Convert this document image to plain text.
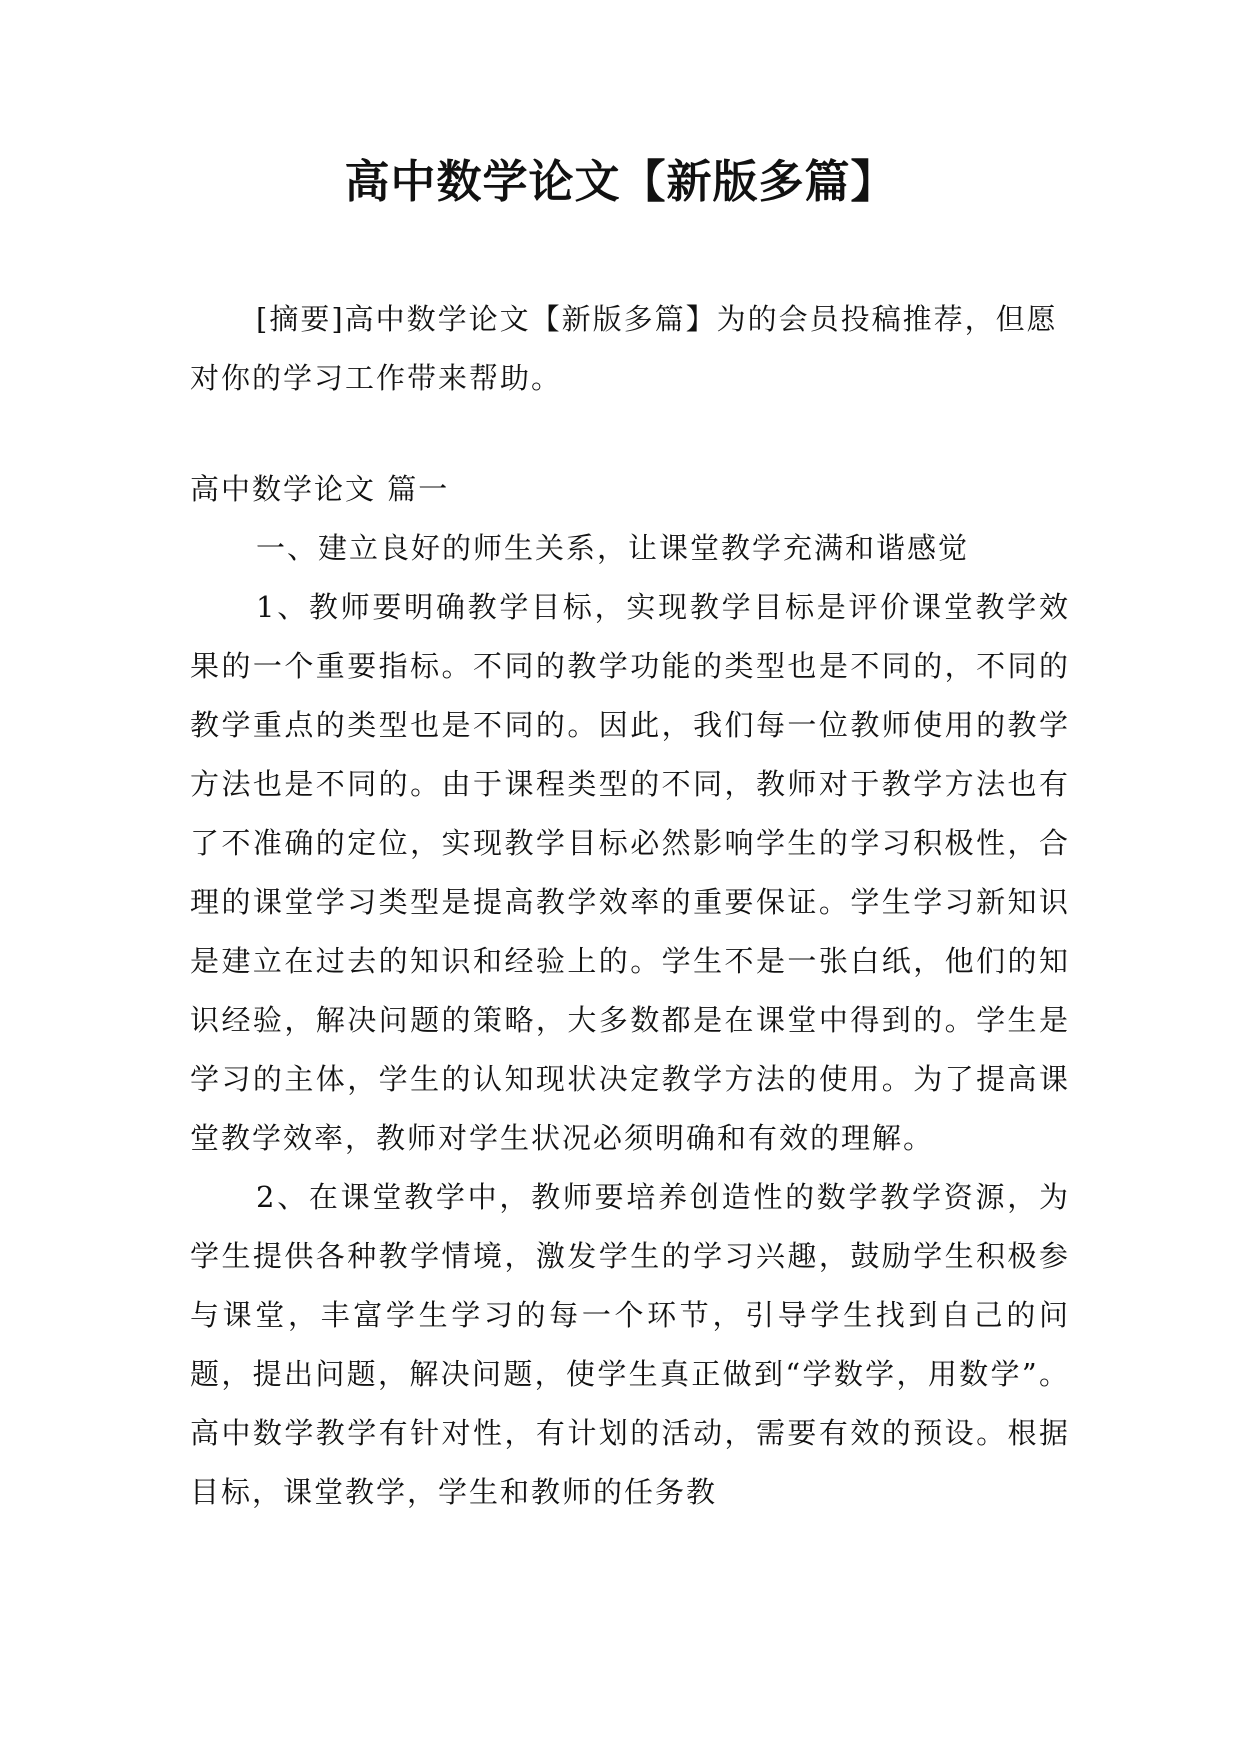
高中数学论文【新版多篇】

[摘要]高中数学论文【新版多篇】为的会员投稿推荐，但愿对你的学习工作带来帮助。

高中数学论文 篇一

一、建立良好的师生关系，让课堂教学充满和谐感觉

1、教师要明确教学目标，实现教学目标是评价课堂教学效果的一个重要指标。不同的教学功能的类型也是不同的，不同的教学重点的类型也是不同的。因此，我们每一位教师使用的教学方法也是不同的。由于课程类型的不同，教师对于教学方法也有了不准确的定位，实现教学目标必然影响学生的学习积极性，合理的课堂学习类型是提高教学效率的重要保证。学生学习新知识是建立在过去的知识和经验上的。学生不是一张白纸，他们的知识经验，解决问题的策略，大多数都是在课堂中得到的。学生是学习的主体，学生的认知现状决定教学方法的使用。为了提高课堂教学效率，教师对学生状况必须明确和有效的理解。

2、在课堂教学中，教师要培养创造性的数学教学资源，为学生提供各种教学情境，激发学生的学习兴趣，鼓励学生积极参与课堂，丰富学生学习的每一个环节，引导学生找到自己的问题，提出问题，解决问题，使学生真正做到“学数学，用数学”。高中数学教学有针对性，有计划的活动，需要有效的预设。根据目标，课堂教学，学生和教师的任务教
